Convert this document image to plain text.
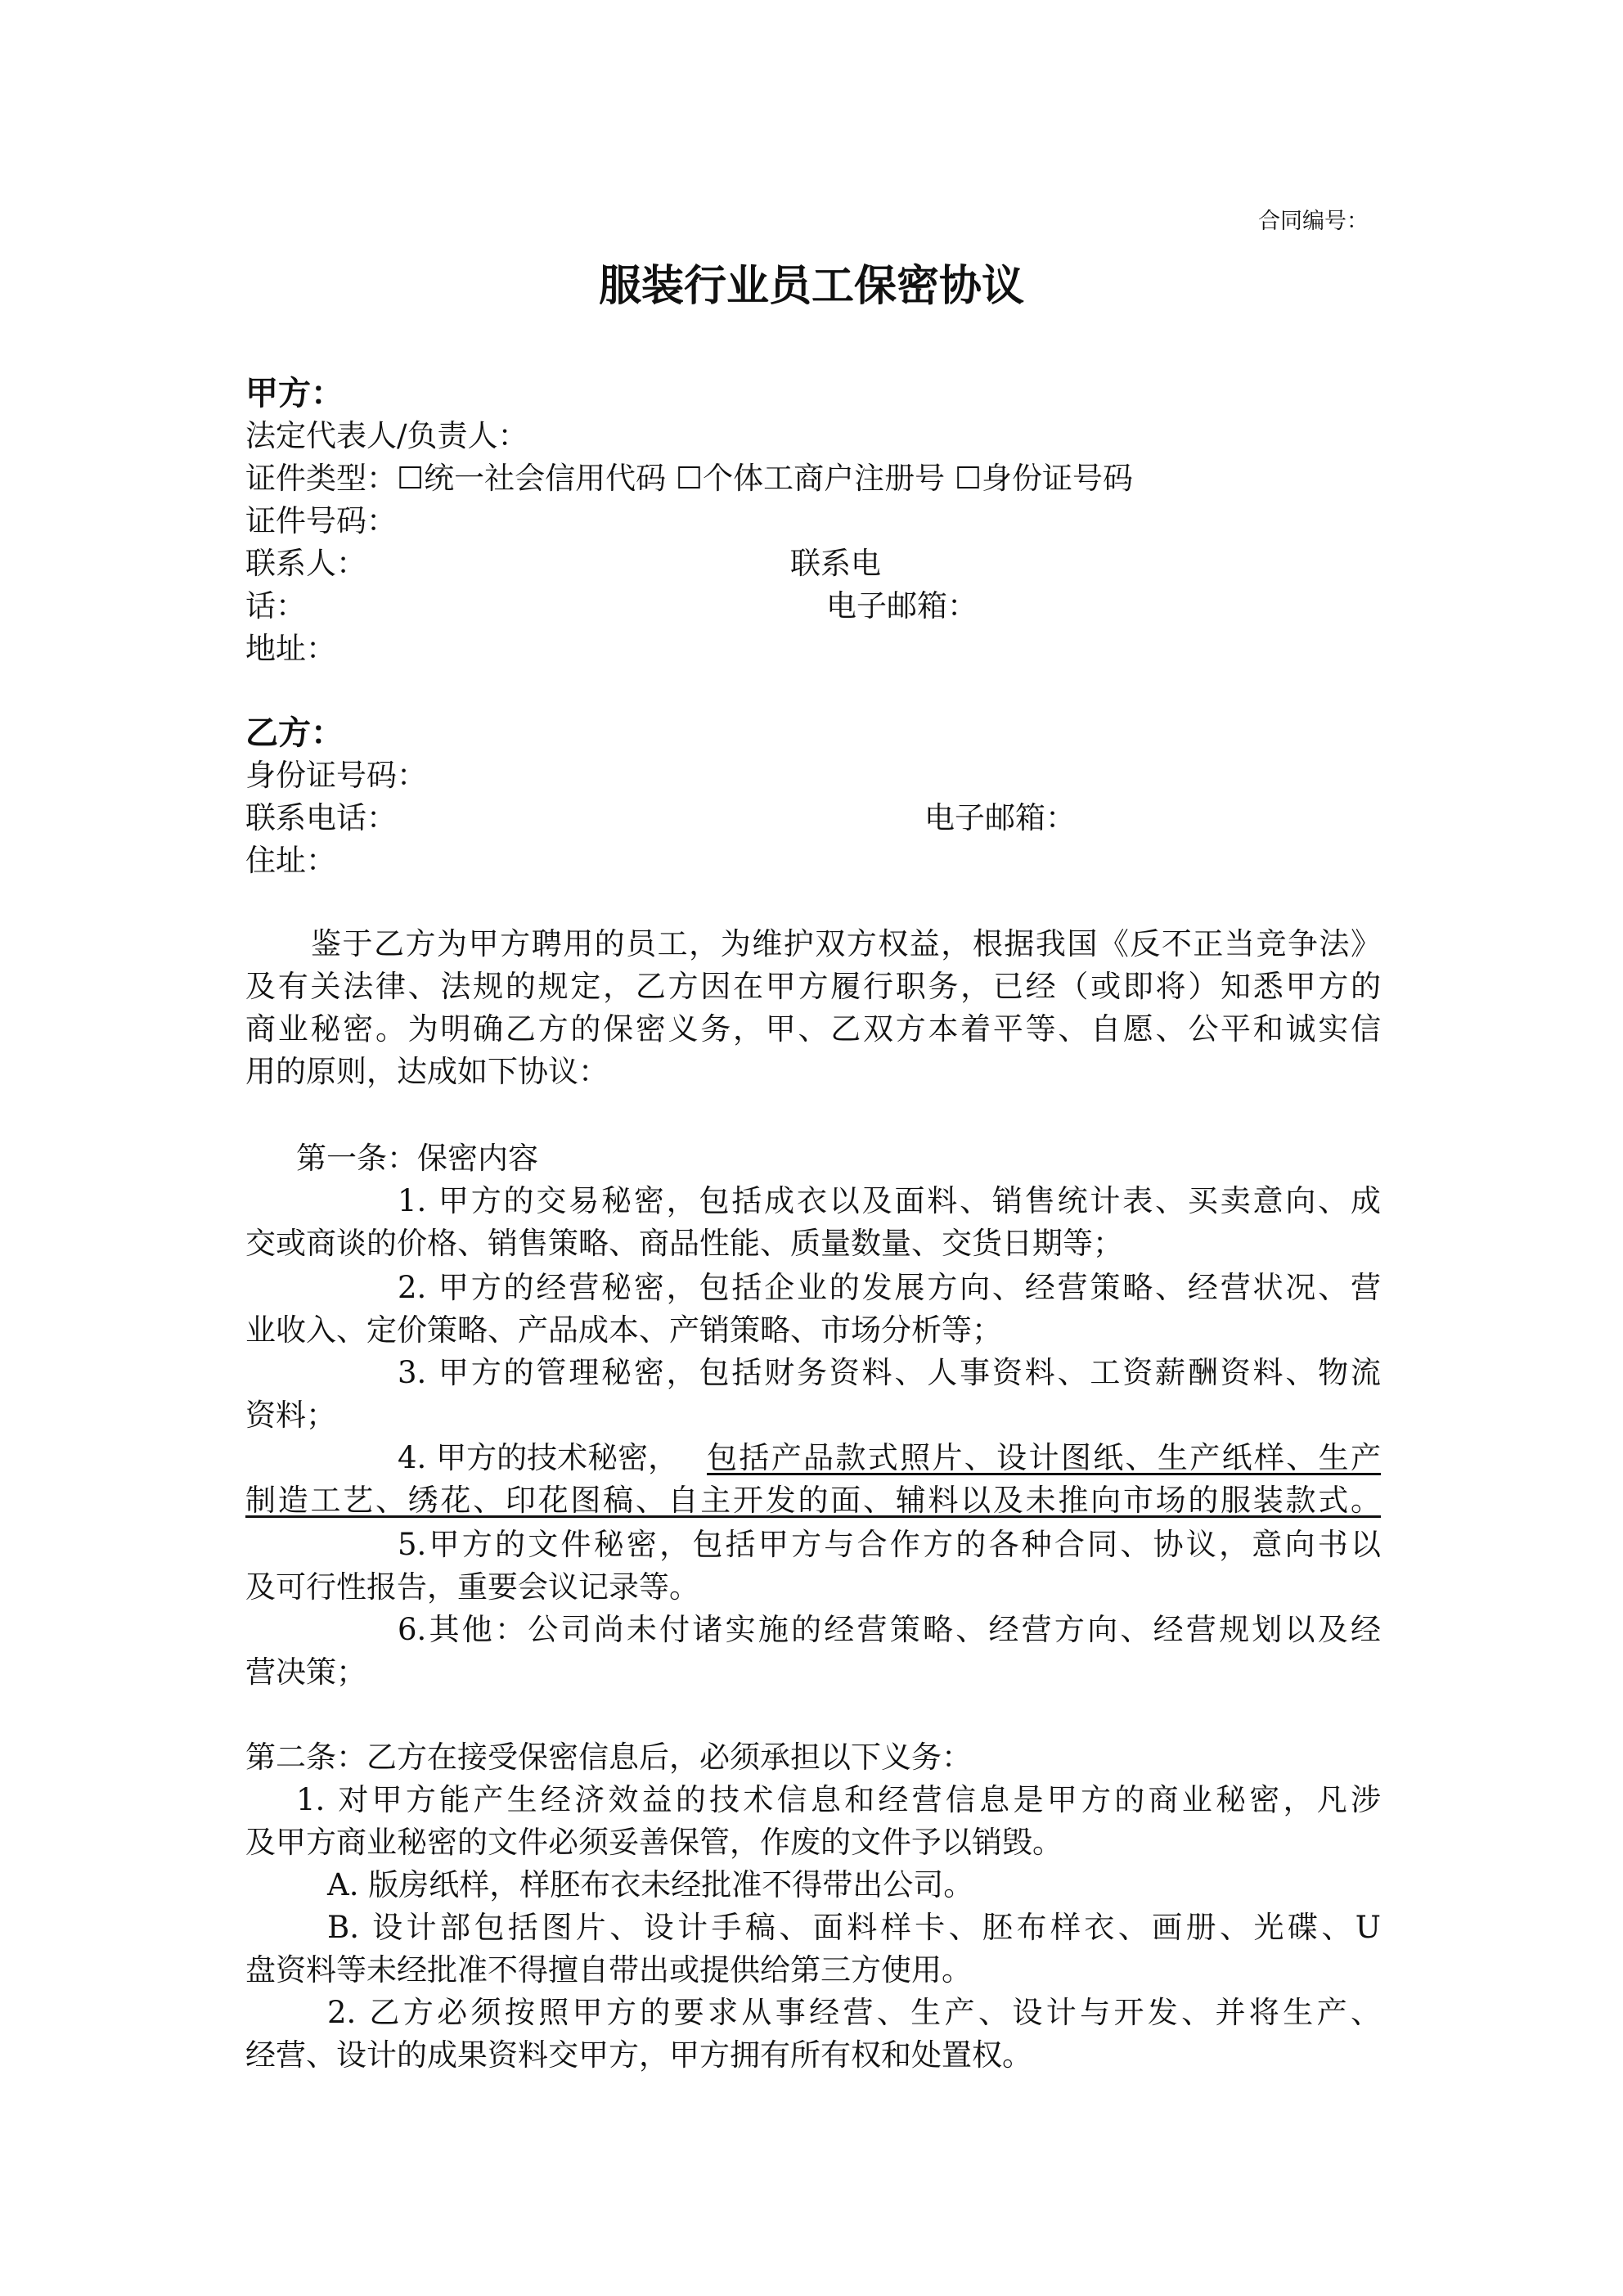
合同编号：
服装行业员工保密协议
甲方：
法定代表人/负责人：
证件类型：☐统一社会信用代码 ☐个体工商户注册号 ☐身份证号码
证件号码：
联系人：	联系电
话：	电子邮箱：
地址：
乙方：
身份证号码：
联系电话：	电子邮箱：
住址：
鉴于乙方为甲方聘用的员工，为维护双方权益，根据我国《反不正当竞争法》
及有关法律、法规的规定，乙方因在甲方履行职务，已经（或即将）知悉甲方的
商业秘密。为明确乙方的保密义务，甲、乙双方本着平等、自愿、公平和诚实信
用的原则，达成如下协议：
第一条：保密内容
1. 甲方的交易秘密，包括成衣以及面料、销售统计表、买卖意向、成
交或商谈的价格、销售策略、商品性能、质量数量、交货日期等；
2. 甲方的经营秘密，包括企业的发展方向、经营策略、经营状况、营
业收入、定价策略、产品成本、产销策略、市场分析等；
3. 甲方的管理秘密，包括财务资料、人事资料、工资薪酬资料、物流
资料；
4. 甲方的技术秘密， 包括产品款式照片、设计图纸、生产纸样、生产
制造工艺、绣花、印花图稿、自主开发的面、辅料以及未推向市场的服装款式。
5.甲方的文件秘密，包括甲方与合作方的各种合同、协议，意向书以
及可行性报告，重要会议记录等。
6.其他：公司尚未付诸实施的经营策略、经营方向、经营规划以及经
营决策；
第二条：乙方在接受保密信息后，必须承担以下义务：
1. 对甲方能产生经济效益的技术信息和经营信息是甲方的商业秘密，凡涉
及甲方商业秘密的文件必须妥善保管，作废的文件予以销毁。
A. 版房纸样，样胚布衣未经批准不得带出公司。
B. 设计部包括图片、设计手稿、面料样卡、胚布样衣、画册、光碟、U
盘资料等未经批准不得擅自带出或提供给第三方使用。
2. 乙方必须按照甲方的要求从事经营、生产、设计与开发、并将生产、
经营、设计的成果资料交甲方，甲方拥有所有权和处置权。
